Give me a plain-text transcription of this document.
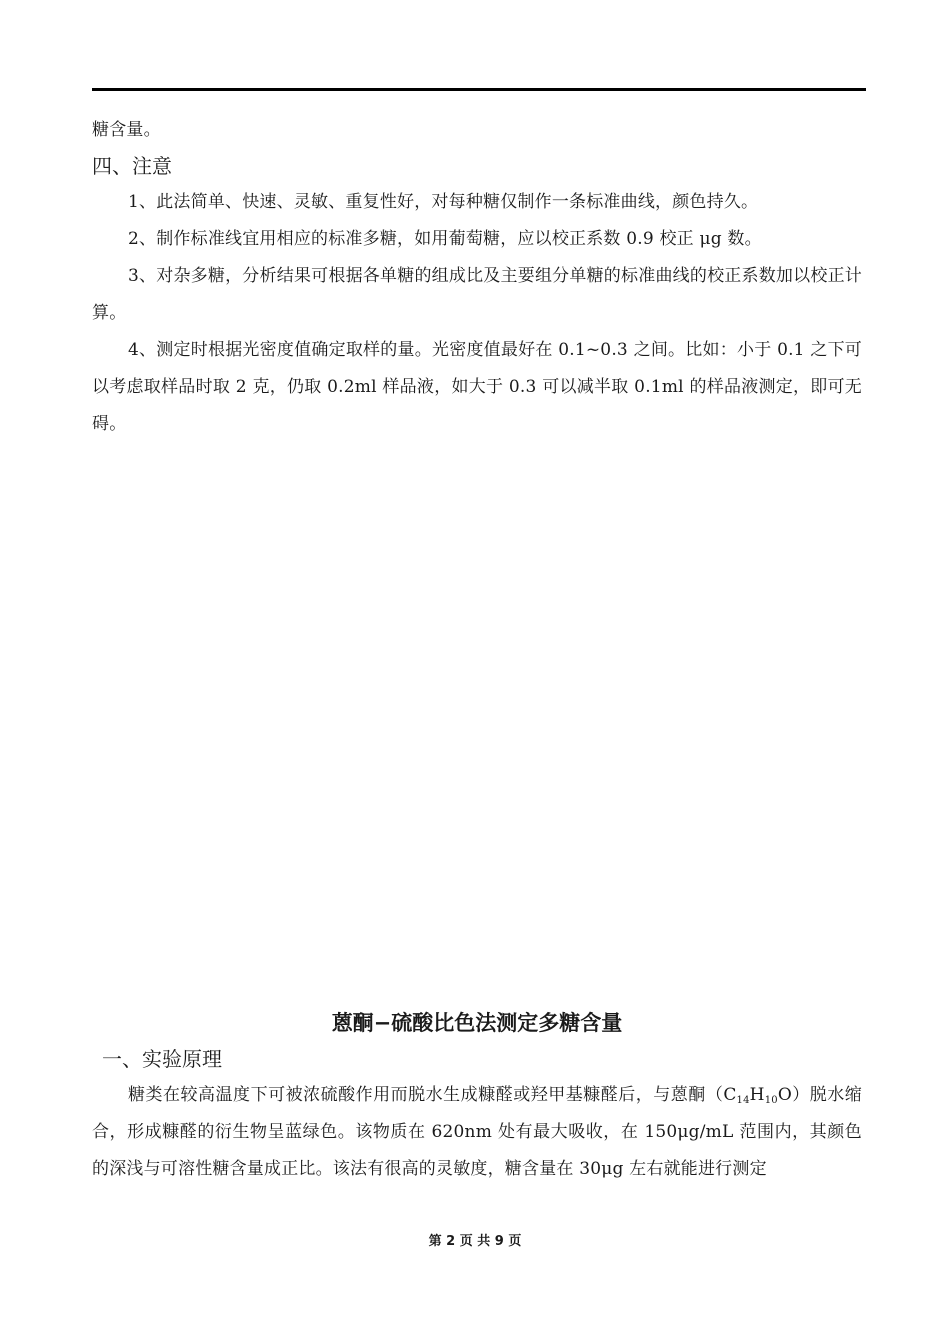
糖含量。

四、注意

1、此法简单、快速、灵敏、重复性好，对每种糖仅制作一条标准曲线，颜色持久。

2、制作标准线宜用相应的标准多糖，如用葡萄糖，应以校正系数 0.9 校正 μg 数。

3、对杂多糖，分析结果可根据各单糖的组成比及主要组分单糖的标准曲线的校正系数加以校正计算。

4、测定时根据光密度值确定取样的量。光密度值最好在 0.1~0.3 之间。比如：小于 0.1 之下可以考虑取样品时取 2 克，仍取 0.2ml 样品液，如大于 0.3 可以减半取 0.1ml 的样品液测定，即可无碍。

蒽酮−硫酸比色法测定多糖含量
一、实验原理

糖类在较高温度下可被浓硫酸作用而脱水生成糠醛或羟甲基糠醛后，与蒽酮$(C_{14}H_{10}O)$脱水缩合，形成糠醛的衍生物呈蓝绿色。该物质在 620nm 处有最大吸收，在 150μg/mL 范围内，其颜色的深浅与可溶性糖含量成正比。该法有很高的灵敏度，糖含量在 30μg 左右就能进行测定

第 2 页 共 9 页
